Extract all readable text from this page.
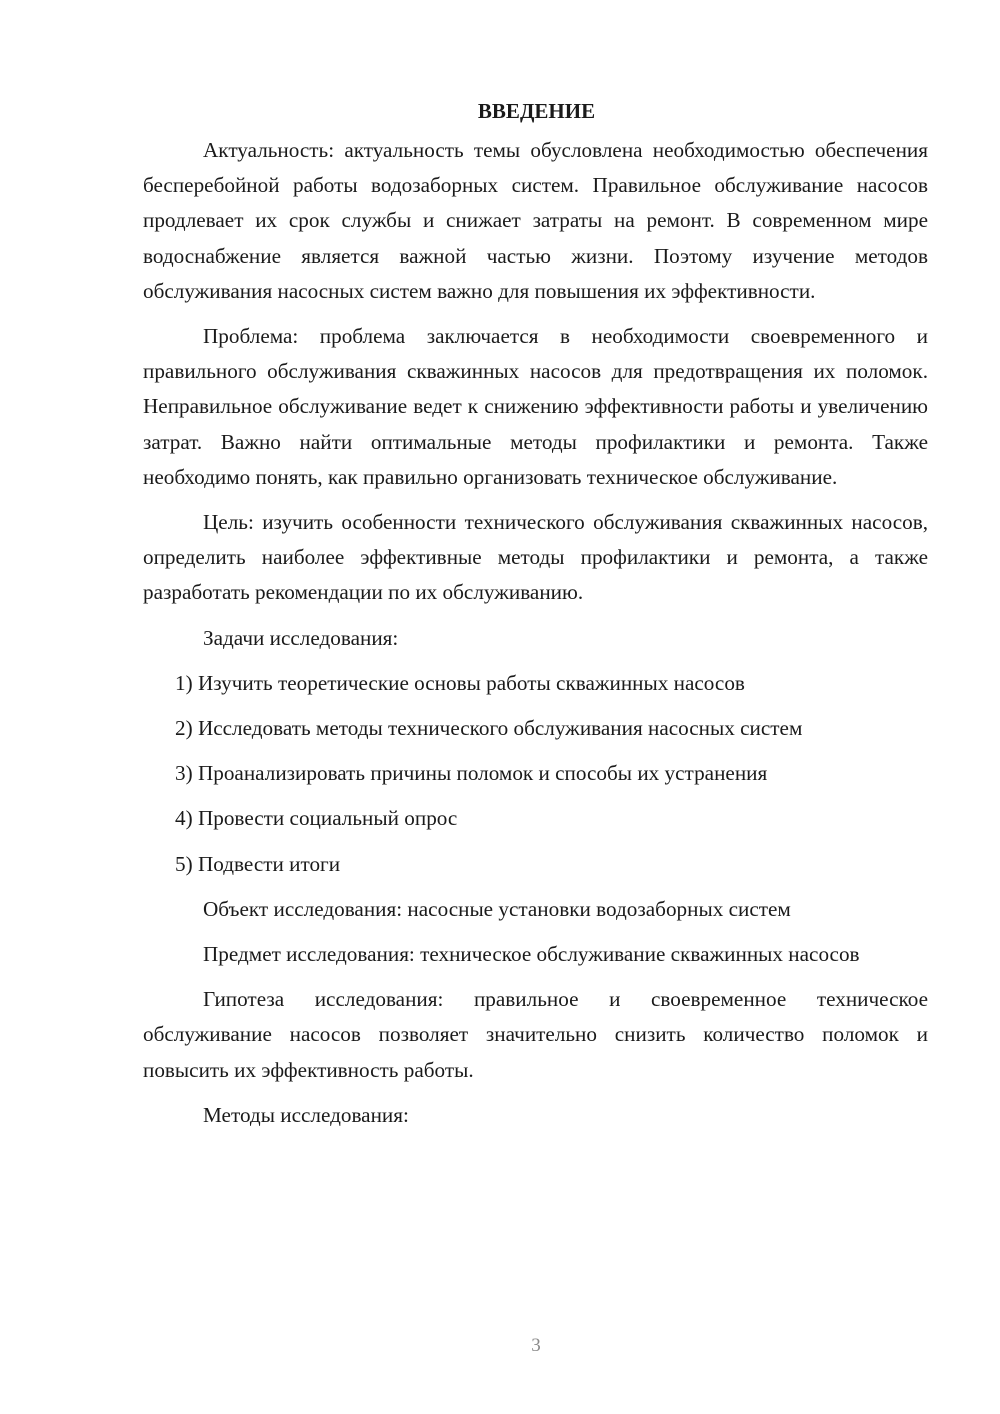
ВВЕДЕНИЕ

Актуальность: актуальность темы обусловлена необходимостью обеспечения бесперебойной работы водозаборных систем. Правильное обслуживание насосов продлевает их срок службы и снижает затраты на ремонт. В современном мире водоснабжение является важной частью жизни. Поэтому изучение методов обслуживания насосных систем важно для повышения их эффективности.

Проблема: проблема заключается в необходимости своевременного и правильного обслуживания скважинных насосов для предотвращения их поломок. Неправильное обслуживание ведет к снижению эффективности работы и увеличению затрат. Важно найти оптимальные методы профилактики и ремонта. Также необходимо понять, как правильно организовать техническое обслуживание.

Цель: изучить особенности технического обслуживания скважинных насосов, определить наиболее эффективные методы профилактики и ремонта, а также разработать рекомендации по их обслуживанию.

Задачи исследования:

1) Изучить теоретические основы работы скважинных насосов

2) Исследовать методы технического обслуживания насосных систем

3) Проанализировать причины поломок и способы их устранения

4) Провести социальный опрос

5) Подвести итоги

Объект исследования: насосные установки водозаборных систем

Предмет исследования: техническое обслуживание скважинных насосов

Гипотеза исследования: правильное и своевременное техническое обслуживание насосов позволяет значительно снизить количество поломок и повысить их эффективность работы.

Методы исследования:

3
